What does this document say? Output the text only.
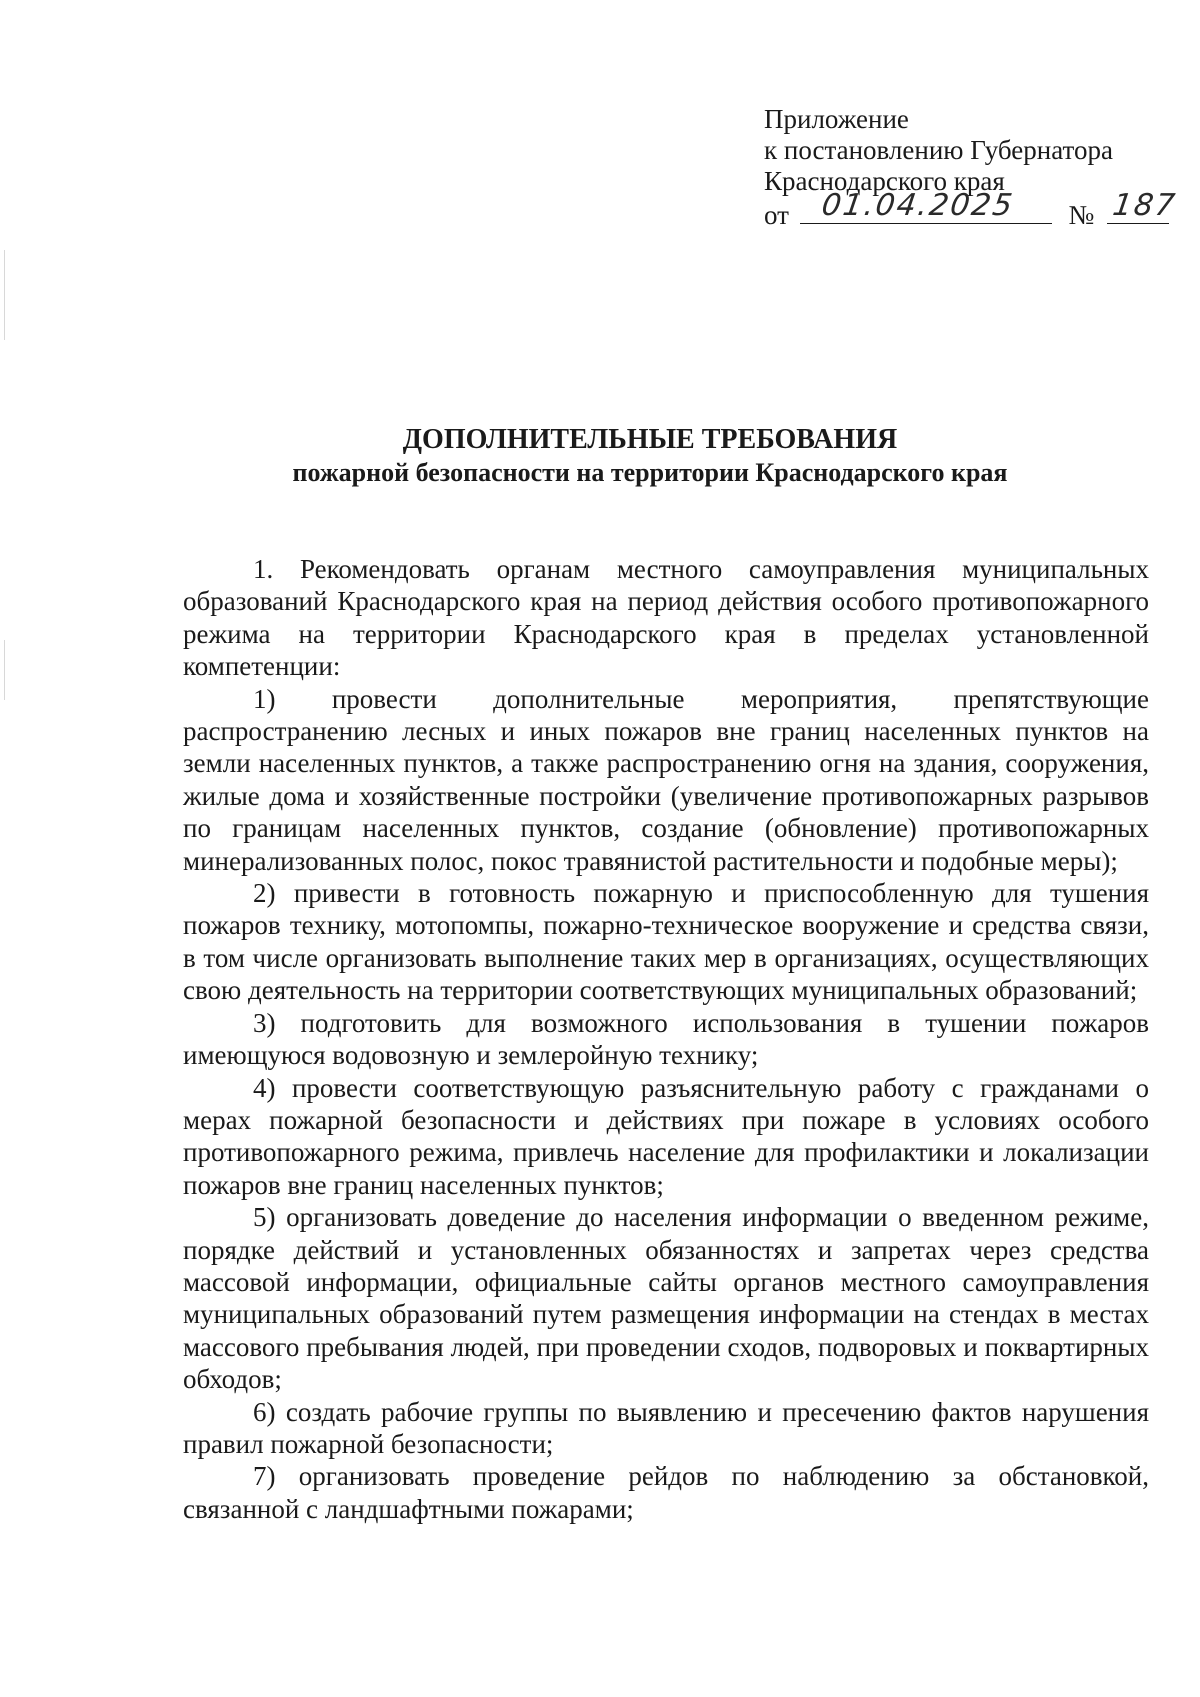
Приложение
к постановлению Губернатора
Краснодарского края
от 01.04.2025 № 187
ДОПОЛНИТЕЛЬНЫЕ ТРЕБОВАНИЯ
пожарной безопасности на территории Краснодарского края

1. Рекомендовать органам местного самоуправления муниципальных образований Краснодарского края на период действия особого противопожарного режима на территории Краснодарского края в пределах установленной компетенции:

1) провести дополнительные мероприятия, препятствующие распространению лесных и иных пожаров вне границ населенных пунктов на земли населенных пунктов, а также распространению огня на здания, сооружения, жилые дома и хозяйственные постройки (увеличение противопожарных разрывов по границам населенных пунктов, создание (обновление) противопожарных минерализованных полос, покос травянистой растительности и подобные меры);

2) привести в готовность пожарную и приспособленную для тушения пожаров технику, мотопомпы, пожарно-техническое вооружение и средства связи, в том числе организовать выполнение таких мер в организациях, осуществляющих свою деятельность на территории соответствующих муниципальных образований;

3) подготовить для возможного использования в тушении пожаров имеющуюся водовозную и землеройную технику;

4) провести соответствующую разъяснительную работу с гражданами о мерах пожарной безопасности и действиях при пожаре в условиях особого противопожарного режима, привлечь население для профилактики и локализации пожаров вне границ населенных пунктов;

5) организовать доведение до населения информации о введенном режиме, порядке действий и установленных обязанностях и запретах через средства массовой информации, официальные сайты органов местного самоуправления муниципальных образований путем размещения информации на стендах в местах массового пребывания людей, при проведении сходов, подворовых и поквартирных обходов;

6) создать рабочие группы по выявлению и пресечению фактов нарушения правил пожарной безопасности;

7) организовать проведение рейдов по наблюдению за обстановкой, связанной с ландшафтными пожарами;
